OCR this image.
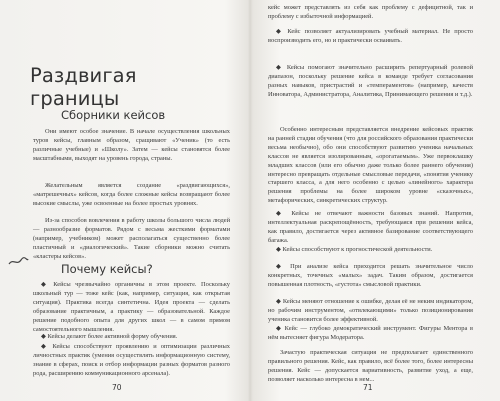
Раздвигая границы
Сборники кейсов
Они имеют особое значение. В начале осуществления школьных туров кейсы, главным образом, сращивают «Ученик» (то есть различные учебные) и «Школу». Затем — кейсы становятся более масштабными, выходят на уровень города, страны.
Желательным является создание «раздвигающихся», «матрешечных» кейсов, когда более сложные кейсы возвращают более высокие смыслы, уже освоенные на более простых уровнях.
Из-за способов вовлечения в работу школы большого числа людей — разнообразие форматов. Рядом с весьма жесткими форматами (например, учебником) может располагаться существенно более пластичный и «диалогический». Такие сборники можно считать «кластеры кейсов».
Почему кейсы?
◆ Кейсы чрезвычайно органичны в этом проекте. Поскольку школьный тур — тоже кейс (как, например, ситуация, как открытая ситуация). Практика всегда синтетична. Идея проекта — сделать образование практичным, а практику — образовательной. Каждое решение подобного опыта для других школ — в самом прямом самостоятельного мышления.
◆ Кейсы делают более активной форму обучения.
◆ Кейсы способствуют проявлению и оптимизации различных личностных практик (умения осуществлять информационную систему, знание в сферах, поиск и отбор информации разных форматов разного рода, расширению коммуникационного арсенала).
70
кейс может представлять из себя как проблему с дефицитной, так и проблему с избыточной информацией.
◆ Кейс позволяет актуализировать учебный материал. Не просто воспроизводить его, но и практически осваивать.
◆ Кейсы помогают значительно расширить репертуарный ролевой диапазон, поскольку решение кейса в команде требует согласования разных навыков, пристрастий и «темпераментов» (например, качеств Инноватора, Администратора, Аналитика, Принимающего решения и т.д.).
Особенно интересным представляется внедрение кейсовых практик на ранней стадии обучения (что для российского образования практически весьма необычно), обо они способствуют развитию ученика начальных классов не является изолированным, «орогатаемым». Уже первоклашку младших классов (или его обычно даже только более раннего обучения) интересно превращать отдельные смысловые передачи, «понятия ученику старшего класса, а для него особенно с целью «линейного» характера решения проблемы на более широком уровне «сказочных», метафорических, синкретических структур.
◆ Кейсы не отвечают важности базовых знаний. Напротив, интеллектуальная раскрепощённость, требующаяся при решении кейса, как правило, достигается через активное базирование соответствующего багажа.
◆ Кейсы способствуют к прогностической деятельности.
◆ При анализе кейса приходится решать значительное число конкретных, точечных «малых» задач. Таким образом, достигается повышенная плотность, «густота» смысловой практики.
◆ Кейсы меняют отношение к ошибке, делая её не неким индикатором, но рабочим инструментом, «отвлекающими» только позиционирования ученика становится более эффективной.
◆ Кейс — глубоко демократический инструмент. Фигуры Ментора в нём вытесняет фигура Модератора.
Зачастую практическая ситуация не предполагает единственного правильного решения. Кейс, как правило, всё более того, более интересны решения. Кейс — допускается вариативность, развитие уход, а еще, позволяет насколько интересна в нем...
71
